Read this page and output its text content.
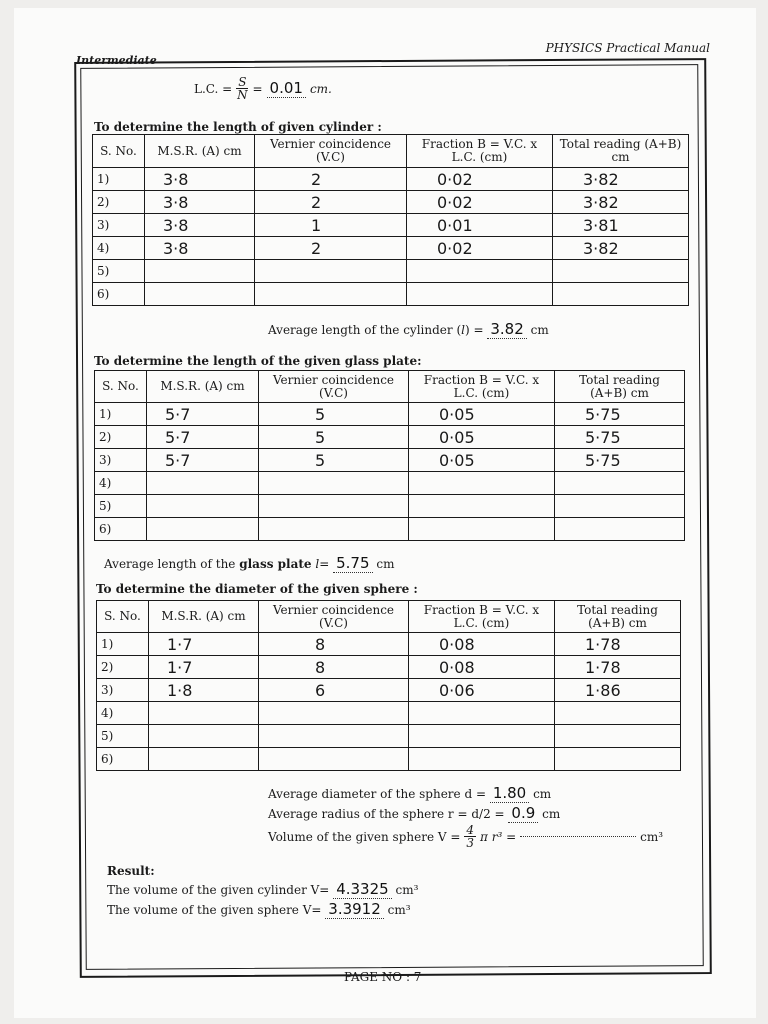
Intermediate
PHYSICS Practical Manual
L.C. = $\frac{S}{N} = 0.01$ cm.
To determine the length of given cylinder :
S. No.	M.S.R. (A) cm	Vernier coincidence (V.C)	Fraction B = V.C. x L.C. (cm)	Total reading (A+B) cm
1)	3·8	2	0·02	3·82
2)	3·8	2	0·02	3·82
3)	3·8	1	0·01	3·81
4)	3·8	2	0·02	3·82
5)				
6)				
Average length of the cylinder (l) = 3.82 cm
To determine the length of the given glass plate:
S. No.	M.S.R. (A) cm	Vernier coincidence (V.C)	Fraction B = V.C. x L.C. (cm)	Total reading (A+B) cm
1)	5·7	5	0·05	5·75
2)	5·7	5	0·05	5·75
3)	5·7	5	0·05	5·75
4)				
5)				
6)				
Average length of the glass plate l= 5.75 cm
To determine the diameter of the given sphere :
S. No.	M.S.R. (A) cm	Vernier coincidence (V.C)	Fraction B = V.C. x L.C. (cm)	Total reading (A+B) cm
1)	1·7	8	0·08	1·78
2)	1·7	8	0·08	1·78
3)	1·8	6	0·06	1·86
4)				
5)				
6)				
Average diameter of the sphere d = 1.80 cm
Average radius of the sphere r = d/2 = 0.9 cm
Volume of the given sphere $V = \frac{4}{3}$ π r³ =	cm³
Result:
The volume of the given cylinder V= 4.3325 cm³
The volume of the given sphere V= 3.3912 cm³
PAGE NO : 7
